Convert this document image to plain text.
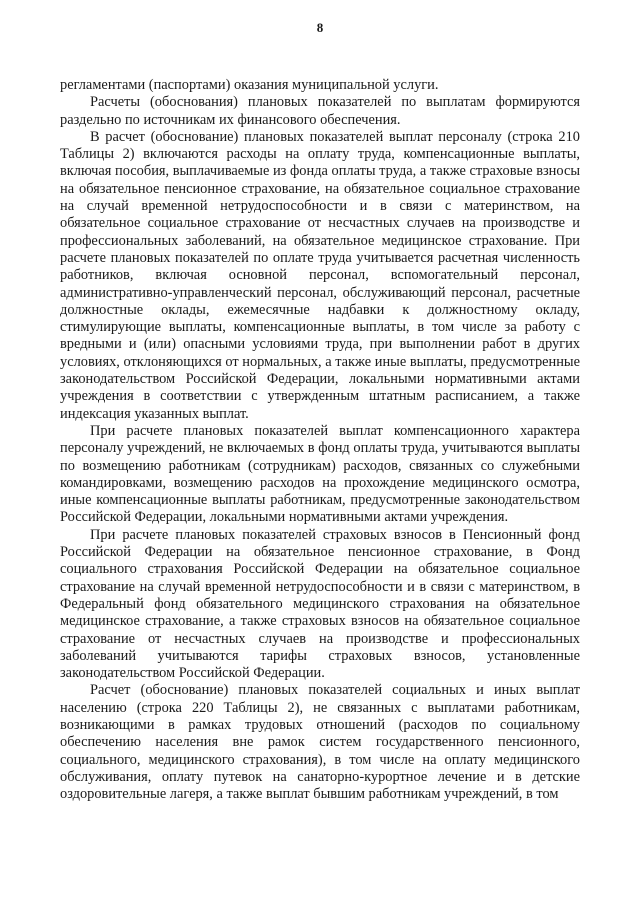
8

регламентами (паспортами) оказания муниципальной услуги.

Расчеты (обоснования) плановых показателей по выплатам формируются раздельно по источникам их финансового обеспечения.

В расчет (обоснование) плановых показателей выплат персоналу (строка 210 Таблицы 2) включаются расходы на оплату труда, компенсационные выплаты, включая пособия, выплачиваемые из фонда оплаты труда, а также страховые взносы на обязательное пенсионное страхование, на обязательное социальное страхование на случай временной нетрудоспособности и в связи с материнством, на обязательное социальное страхование от несчастных случаев на производстве и профессиональных заболеваний, на обязательное медицинское страхование. При расчете плановых показателей по оплате труда учитывается расчетная численность работников, включая основной персонал, вспомогательный персонал, административно-управленческий персонал, обслуживающий персонал, расчетные должностные оклады, ежемесячные надбавки к должностному окладу, стимулирующие выплаты, компенсационные выплаты, в том числе за работу с вредными и (или) опасными условиями труда, при выполнении работ в других условиях, отклоняющихся от нормальных, а также иные выплаты, предусмотренные законодательством Российской Федерации, локальными нормативными актами учреждения в соответствии с утвержденным штатным расписанием, а также индексация указанных выплат.

При расчете плановых показателей выплат компенсационного характера персоналу учреждений, не включаемых в фонд оплаты труда, учитываются выплаты по возмещению работникам (сотрудникам) расходов, связанных со служебными командировками, возмещению расходов на прохождение медицинского осмотра, иные компенсационные выплаты работникам, предусмотренные законодательством Российской Федерации, локальными нормативными актами учреждения.

При расчете плановых показателей страховых взносов в Пенсионный фонд Российской Федерации на обязательное пенсионное страхование, в Фонд социального страхования Российской Федерации на обязательное социальное страхование на случай временной нетрудоспособности и в связи с материнством, в Федеральный фонд обязательного медицинского страхования на обязательное медицинское страхование, а также страховых взносов на обязательное социальное страхование от несчастных случаев на производстве и профессиональных заболеваний учитываются тарифы страховых взносов, установленные законодательством Российской Федерации.

Расчет (обоснование) плановых показателей социальных и иных выплат населению (строка 220 Таблицы 2), не связанных с выплатами работникам, возникающими в рамках трудовых отношений (расходов по социальному обеспечению населения вне рамок систем государственного пенсионного, социального, медицинского страхования), в том числе на оплату медицинского обслуживания, оплату путевок на санаторно-курортное лечение и в детские оздоровительные лагеря, а также выплат бывшим работникам учреждений, в том
